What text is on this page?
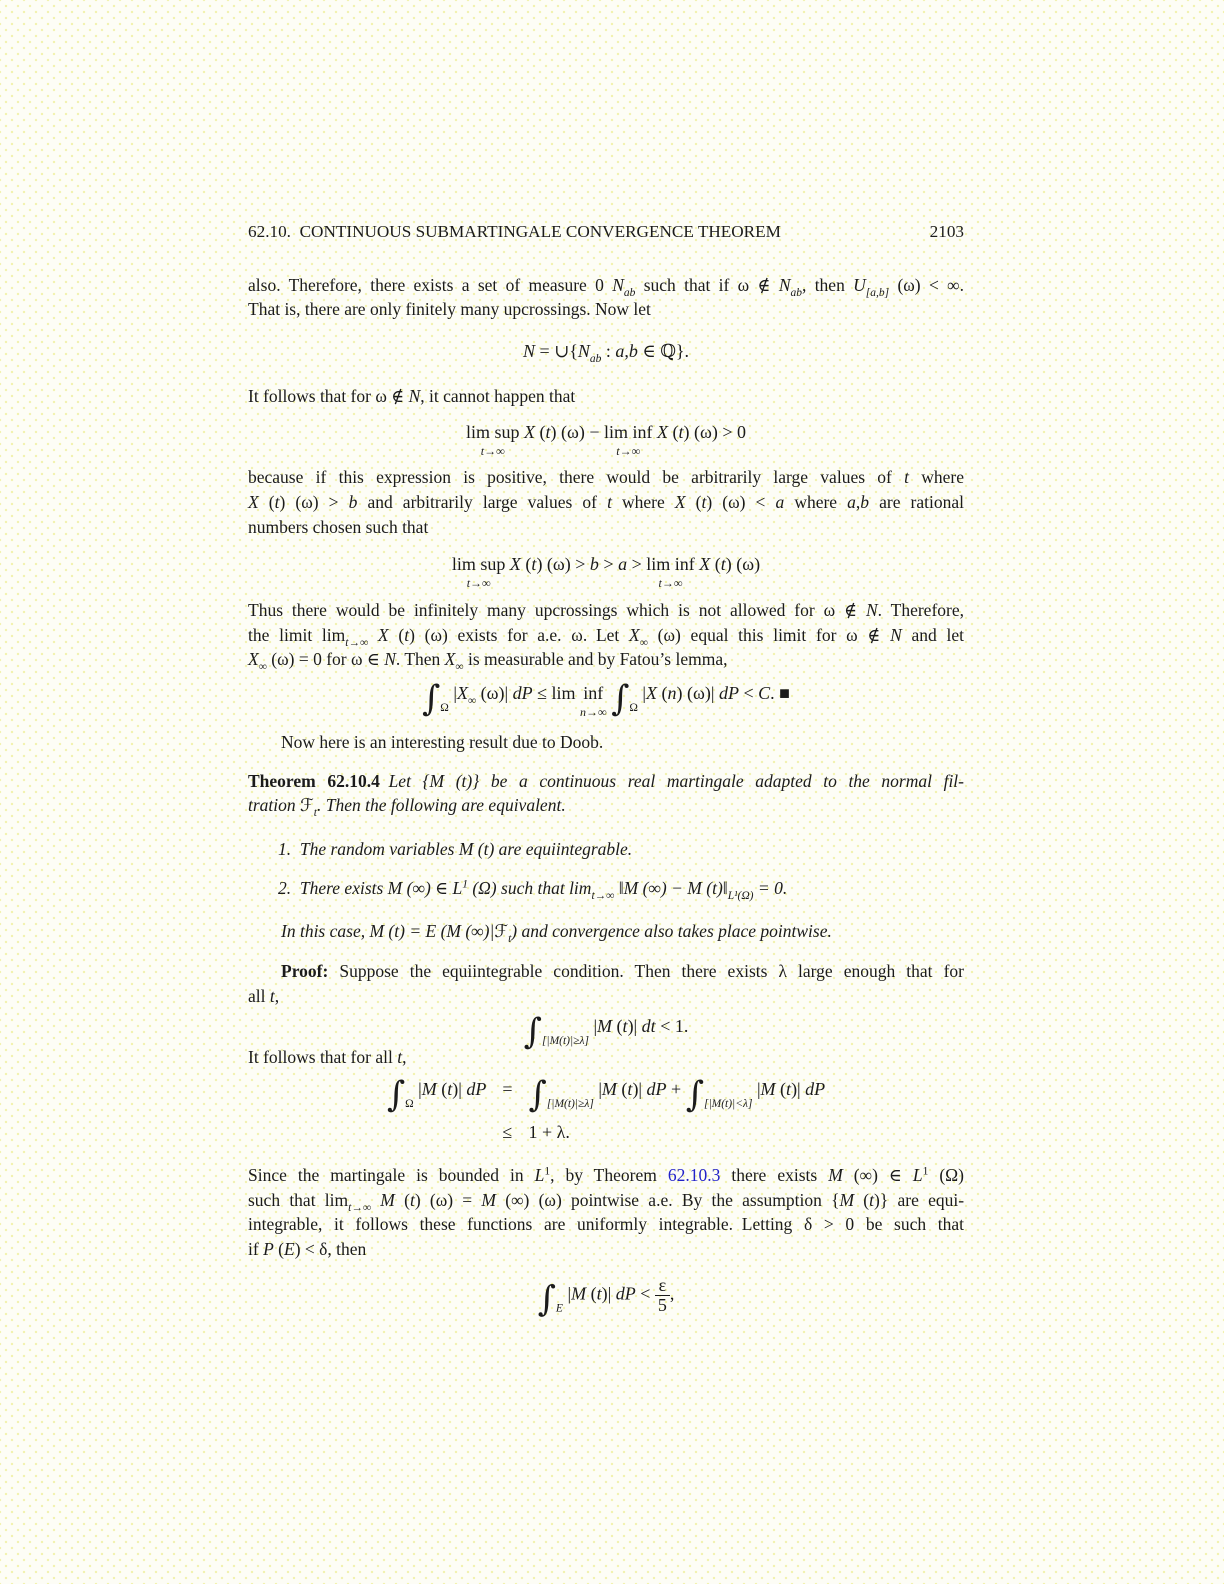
62.10.  CONTINUOUS SUBMARTINGALE CONVERGENCE THEOREM	2103
also. Therefore, there exists a set of measure 0 $N_{ab}$ such that if ω ∉ $N_{ab}$, then $U_{[a,b]}$ (ω) < ∞.
That is, there are only finitely many upcrossings. Now let
$N = \cup\{N_{ab}$ : a,b ∈ ℚ}.
It follows that for ω ∉ N, it cannot happen that
lim sup
t→∞
X (t) (ω) − lim inf
t→∞
X (t) (ω) > 0
because if this expression is positive, there would be arbitrarily large values of t where
X (t) (ω) > b and arbitrarily large values of t where X (t) (ω) < a where a,b are rational
numbers chosen such that
lim sup
t→∞
X (t) (ω) > b > a > lim inf
t→∞
X (t) (ω)
Thus there would be infinitely many upcrossings which is not allowed for ω ∉ N. Therefore,
the limit $\lim_{t\to\infty} X$ (t) (ω) exists for a.e. ω. Let $X_\infty$ (ω) equal this limit for ω ∉ N and let
$X_\infty$ (ω) = 0 for ω ∈ N. Then $X_\infty$ is measurable and by Fatou’s lemma,
$\int_\Omega$ $|X_\infty$ (ω)| dP ≤ lim inf
n→∞ $\int_\Omega$ |X (n) (ω)| dP < C. ■
Now here is an interesting result due to Doob.
Theorem 62.10.4 Let {M (t)} be a continuous real martingale adapted to the normal fil-
tration ℱ$_t$. Then the following are equivalent.
1. The random variables M (t) are equiintegrable.
2. There exists M (∞) ∈ $L^1$ (Ω) such that $\lim_{t\to\infty}$ ‖M (∞) − M $(t)‖_{L^1(\Omega)} = 0$.
In this case, M (t) = E (M (∞)|ℱ$_t$) and convergence also takes place pointwise.
Proof: Suppose the equiintegrable condition. Then there exists λ large enough that for
all t,
$\int_{[|M(t)|\ge\lambda]}$ |M (t)| dt < 1.
It follows that for all t,
$\int_\Omega$ |M (t)| dP = $\int_{[|M(t)|\ge\lambda]}$ |M (t)| dP + $\int_{[|M(t)|<\lambda]}$ |M (t)| dP
≤ 1 + λ.
Since the martingale is bounded in $L^1$, by Theorem 62.10.3 there exists M (∞) ∈ $L^1$ (Ω)
such that $\lim_{t\to\infty} M$ (t) (ω) = M (∞) (ω) pointwise a.e. By the assumption {M (t)} are equi-
integrable, it follows these functions are uniformly integrable. Letting δ > 0 be such that
if P (E) < δ, then
$\int_E$ |M (t)| dP < $\frac{\varepsilon}{5}$ ,
